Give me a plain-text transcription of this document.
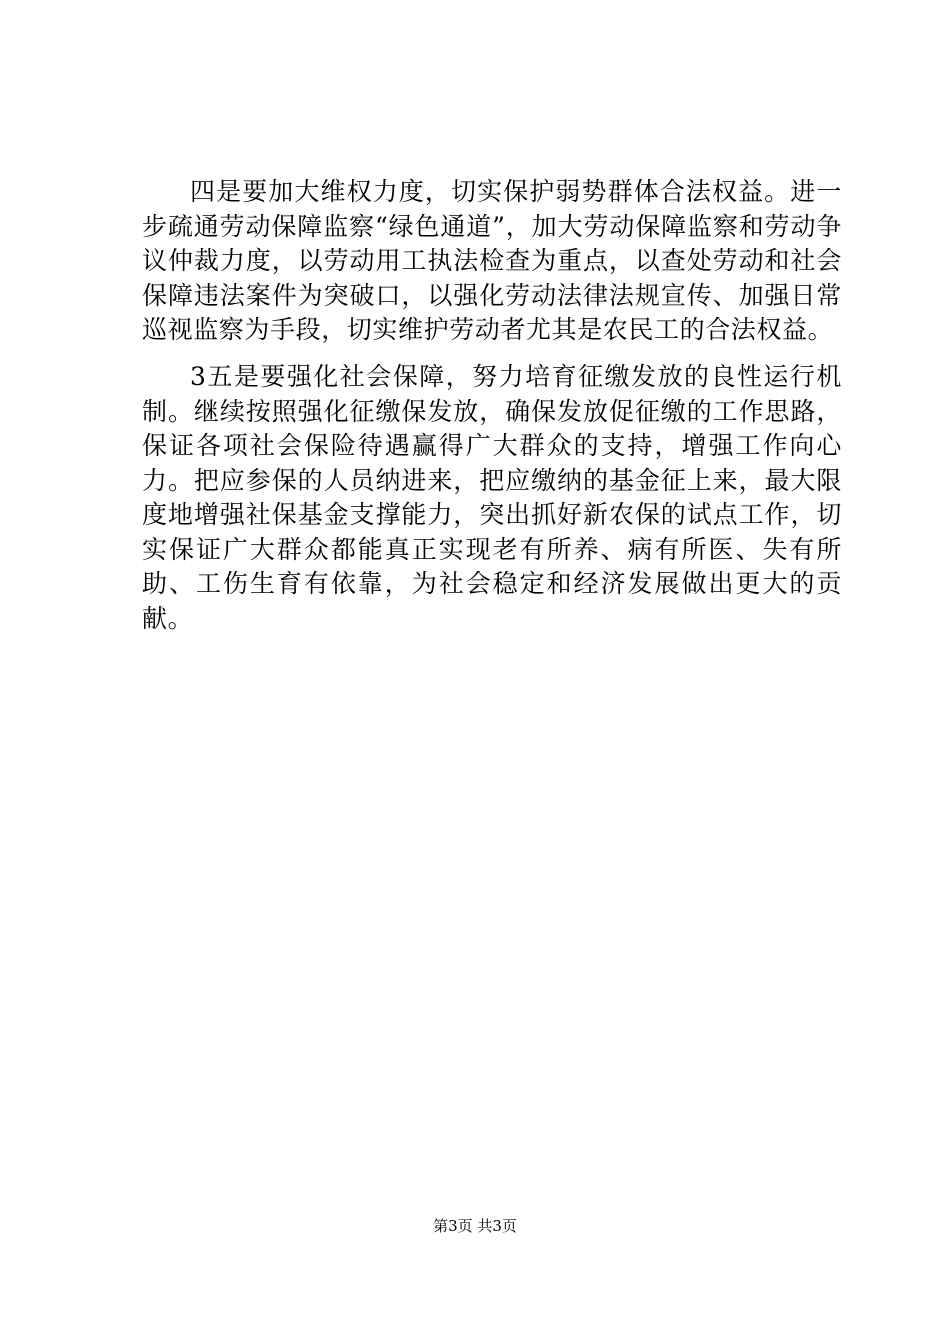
四是要加大维权力度，切实保护弱势群体合法权益。进一步疏通劳动保障监察“绿色通道”，加大劳动保障监察和劳动争议仲裁力度，以劳动用工执法检查为重点，以查处劳动和社会保障违法案件为突破口，以强化劳动法律法规宣传、加强日常巡视监察为手段，切实维护劳动者尤其是农民工的合法权益。

3五是要强化社会保障，努力培育征缴发放的良性运行机制。继续按照强化征缴保发放，确保发放促征缴的工作思路，保证各项社会保险待遇赢得广大群众的支持，增强工作向心力。把应参保的人员纳进来，把应缴纳的基金征上来，最大限度地增强社保基金支撑能力，突出抓好新农保的试点工作，切实保证广大群众都能真正实现老有所养、病有所医、失有所助、工伤生育有依靠，为社会稳定和经济发展做出更大的贡献。

第3页 共3页
